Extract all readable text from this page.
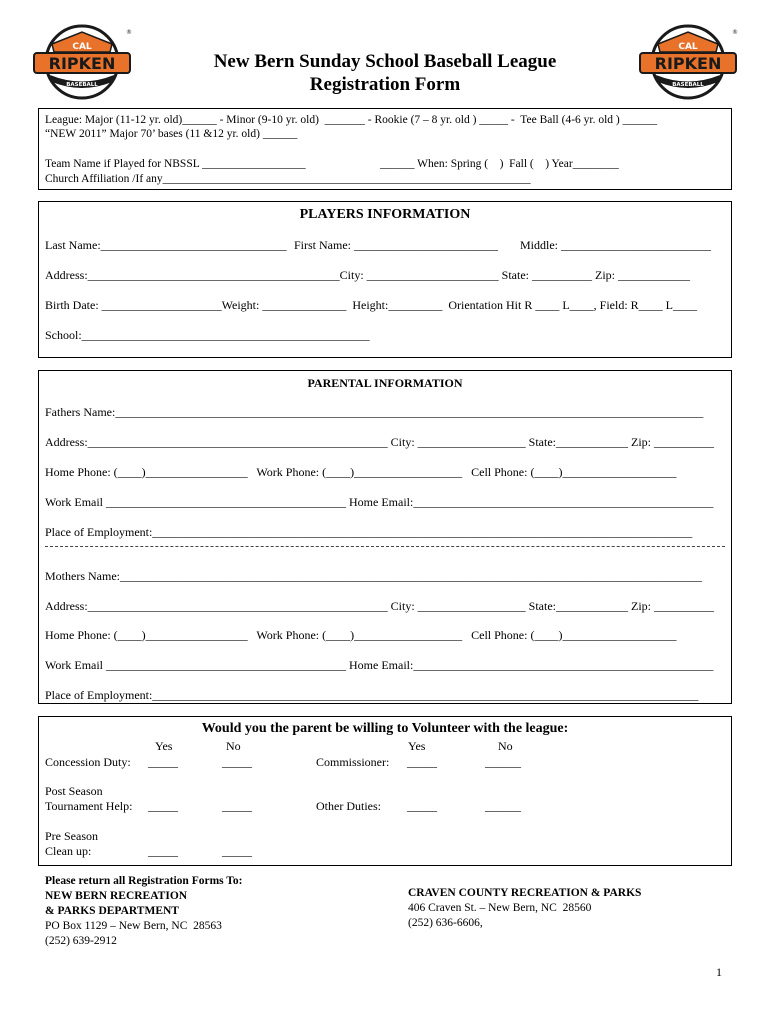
CAL
RIPKEN
BASEBALL
®
CAL
RIPKEN
BASEBALL
®
New Bern Sunday School Baseball League
Registration Form
League: Major (11-12 yr. old)______ - Minor (9-10 yr. old)  _______ - Rookie (7 – 8 yr. old ) _____ -  Tee Ball (4-6 yr. old ) ______
“NEW 2011” Major 70’ bases (11 &12 yr. old) ______
Team Name if Played for NBSSL __________________	______ When: Spring (    )  Fall (    ) Year________
Church Affiliation /If any________________________________________________________________
PLAYERS INFORMATION
Last Name:_______________________________ First Name: ________________________ Middle: _________________________
Address:__________________________________________City: ______________________ State: __________ Zip: ____________
Birth Date: ____________________Weight: ______________  Height:_________  Orientation Hit R ____ L____, Field: R____ L____
School:________________________________________________
PARENTAL INFORMATION
Fathers Name:__________________________________________________________________________________________________
Address:__________________________________________________ City: __________________ State:____________ Zip: __________
Home Phone: (____)_________________   Work Phone: (____)__________________   Cell Phone: (____)___________________
Work Email ________________________________________ Home Email:__________________________________________________
Place of Employment:__________________________________________________________________________________________
Mothers Name:_________________________________________________________________________________________________
Address:__________________________________________________ City: __________________ State:____________ Zip: __________
Home Phone: (____)_________________   Work Phone: (____)__________________   Cell Phone: (____)___________________
Work Email ________________________________________ Home Email:__________________________________________________
Place of Employment:___________________________________________________________________________________________
Would you the parent be willing to Volunteer with the league:
Yes	No	Yes	No
Concession Duty: _____	_____	Commissioner: _____	______
Post Season
Tournament Help: _____	_____	Other Duties: _____	______
Pre Season
Clean up:	_____	_____
Please return all Registration Forms To:
NEW BERN RECREATION
& PARKS DEPARTMENT
PO Box 1129 – New Bern, NC  28563
(252) 639-2912
CRAVEN COUNTY RECREATION & PARKS
406 Craven St. – New Bern, NC  28560
(252) 636-6606,
1
